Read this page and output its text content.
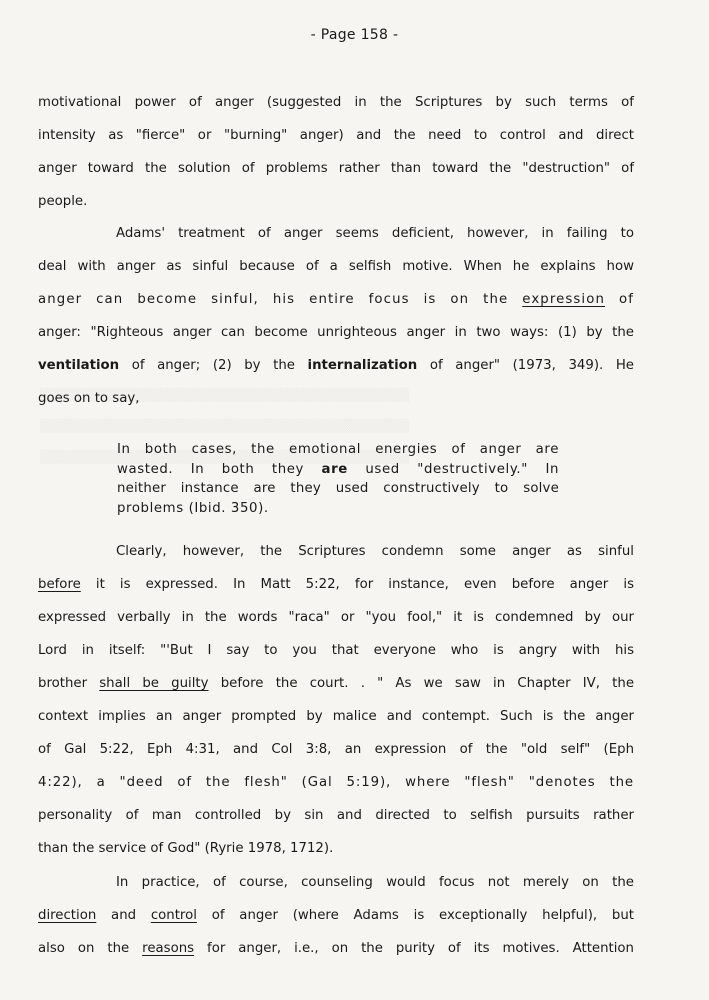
- Page 158 -
motivational power of anger (suggested in the Scriptures by such terms of
intensity as "fierce" or "burning" anger) and the need to control and direct
anger toward the solution of problems rather than toward the "destruction" of
people.
Adams' treatment of anger seems deficient, however, in failing to
deal with anger as sinful because of a selfish motive. When he explains how
anger can become sinful, his entire focus is on the expression of
anger: "Righteous anger can become unrighteous anger in two ways: (1) by the
ventilation of anger; (2) by the internalization of anger" (1973, 349). He
goes on to say,
In both cases, the emotional energies of anger are
wasted. In both they are used "destructively." In
neither instance are they used constructively to solve
problems (Ibid. 350).
Clearly, however, the Scriptures condemn some anger as sinful
before it is expressed. In Matt 5:22, for instance, even before anger is
expressed verbally in the words "raca" or "you fool," it is condemned by our
Lord in itself: "'But I say to you that everyone who is angry with his
brother shall be guilty before the court. . " As we saw in Chapter IV, the
context implies an anger prompted by malice and contempt. Such is the anger
of Gal 5:22, Eph 4:31, and Col 3:8, an expression of the "old self" (Eph
4:22), a "deed of the flesh" (Gal 5:19), where "flesh" "denotes the
personality of man controlled by sin and directed to selfish pursuits rather
than the service of God" (Ryrie 1978, 1712).
In practice, of course, counseling would focus not merely on the
direction and control of anger (where Adams is exceptionally helpful), but
also on the reasons for anger, i.e., on the purity of its motives. Attention
